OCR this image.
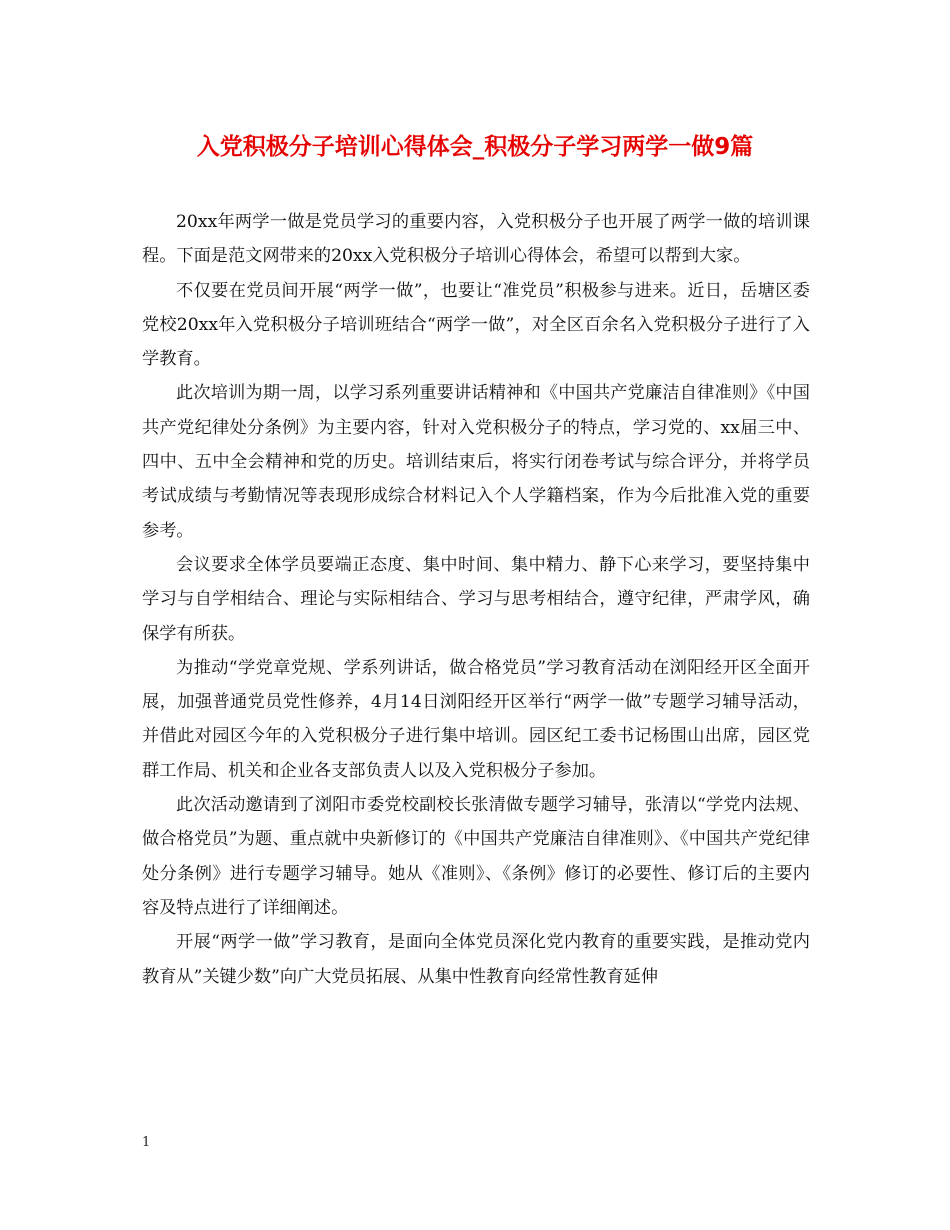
入党积极分子培训心得体会_积极分子学习两学一做9篇

20xx年两学一做是党员学习的重要内容，入党积极分子也开展了两学一做的培训课程。下面是范文网带来的20xx入党积极分子培训心得体会，希望可以帮到大家。

不仅要在党员间开展“两学一做”，也要让“准党员”积极参与进来。近日，岳塘区委党校20xx年入党积极分子培训班结合“两学一做”，对全区百余名入党积极分子进行了入学教育。

此次培训为期一周，以学习系列重要讲话精神和《中国共产党廉洁自律准则》《中国共产党纪律处分条例》为主要内容，针对入党积极分子的特点，学习党的、xx届三中、四中、五中全会精神和党的历史。培训结束后，将实行闭卷考试与综合评分，并将学员考试成绩与考勤情况等表现形成综合材料记入个人学籍档案，作为今后批准入党的重要参考。

会议要求全体学员要端正态度、集中时间、集中精力、静下心来学习，要坚持集中学习与自学相结合、理论与实际相结合、学习与思考相结合，遵守纪律，严肃学风，确保学有所获。

为推动“学党章党规、学系列讲话，做合格党员”学习教育活动在浏阳经开区全面开展，加强普通党员党性修养，4月14日浏阳经开区举行“两学一做”专题学习辅导活动，并借此对园区今年的入党积极分子进行集中培训。园区纪工委书记杨围山出席，园区党群工作局、机关和企业各支部负责人以及入党积极分子参加。

此次活动邀请到了浏阳市委党校副校长张清做专题学习辅导，张清以“学党内法规、做合格党员”为题、重点就中央新修订的《中国共产党廉洁自律准则》、《中国共产党纪律处分条例》进行专题学习辅导。她从《准则》、《条例》修订的必要性、修订后的主要内容及特点进行了详细阐述。

开展“两学一做”学习教育，是面向全体党员深化党内教育的重要实践，是推动党内教育从”关键少数”向广大党员拓展、从集中性教育向经常性教育延伸

1
